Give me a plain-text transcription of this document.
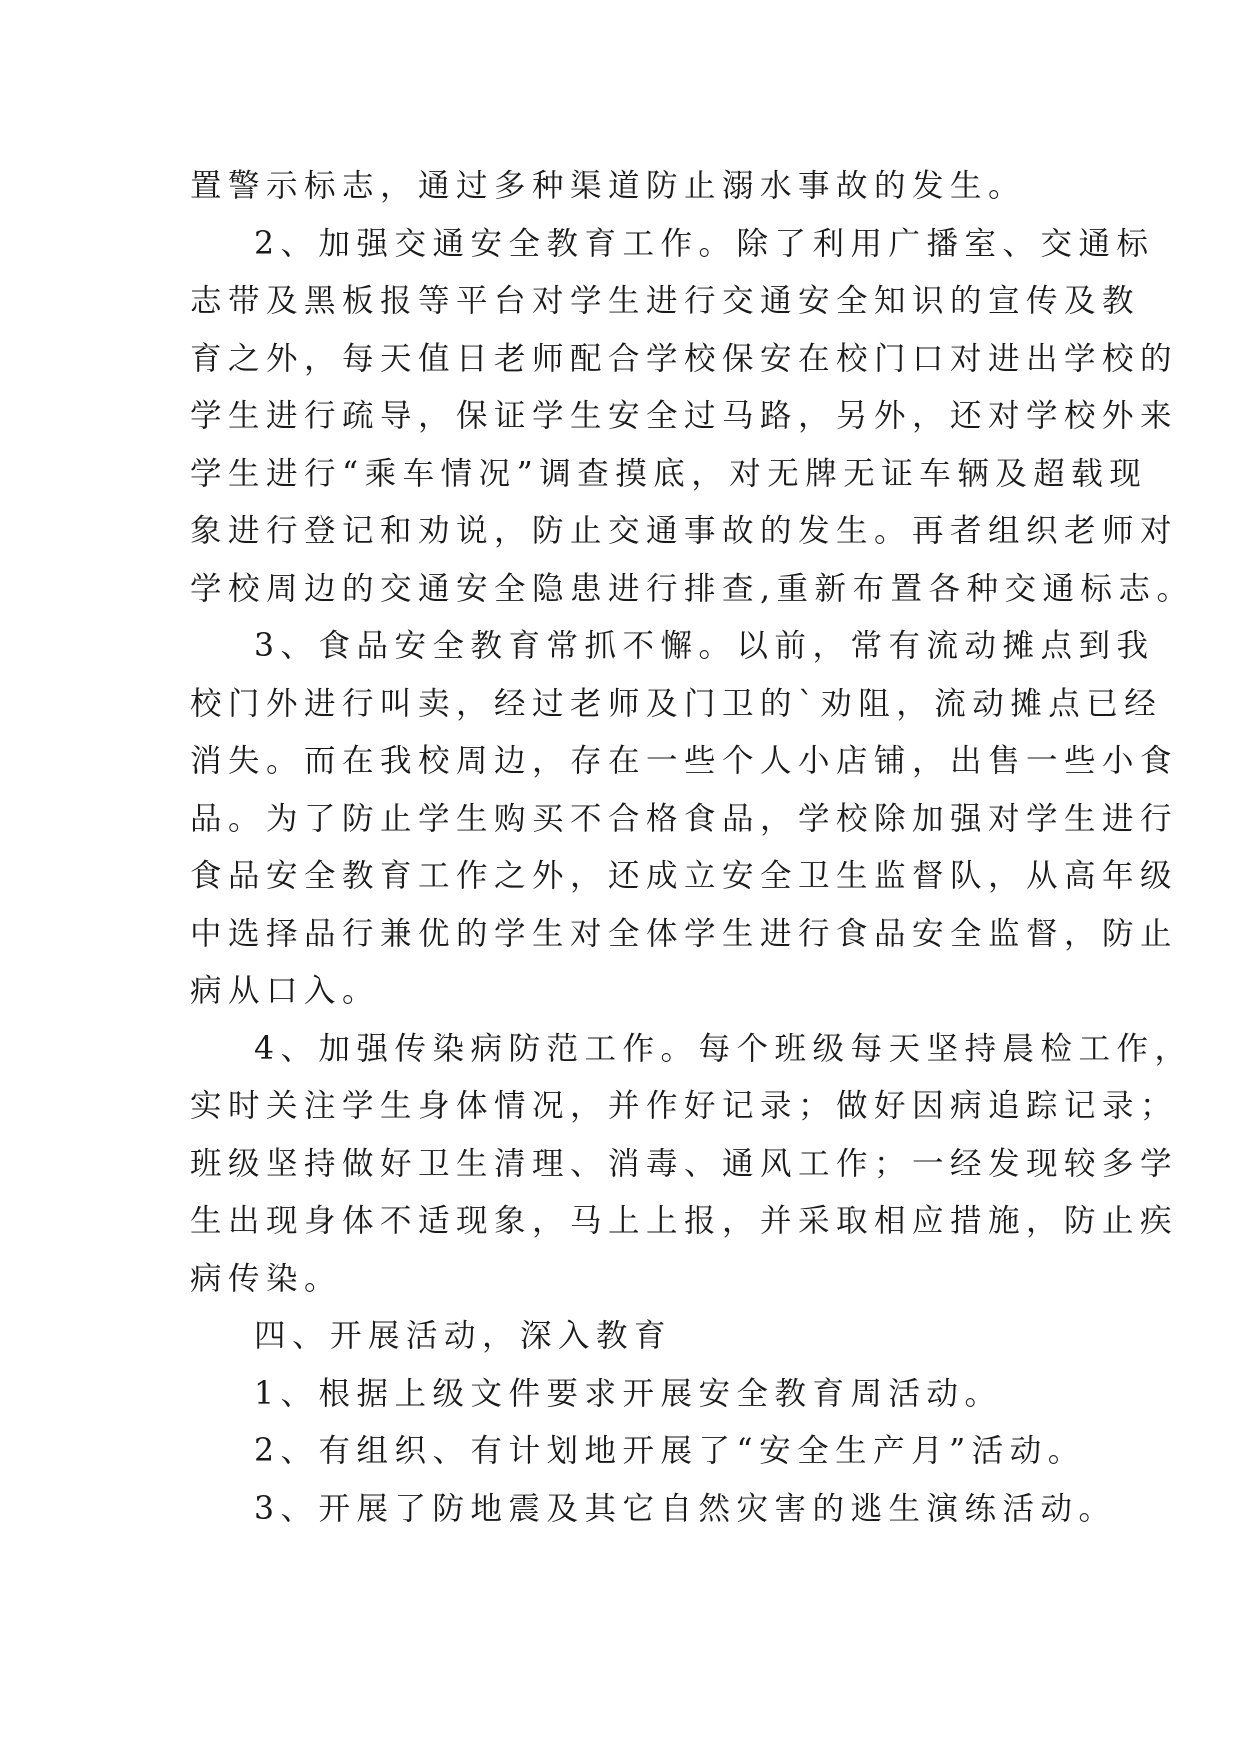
置警示标志，通过多种渠道防止溺水事故的发生。
2、加强交通安全教育工作。除了利用广播室、交通标
志带及黑板报等平台对学生进行交通安全知识的宣传及教
育之外，每天值日老师配合学校保安在校门口对进出学校的
学生进行疏导，保证学生安全过马路，另外，还对学校外来
学生进行“乘车情况”调查摸底，对无牌无证车辆及超载现
象进行登记和劝说，防止交通事故的发生。再者组织老师对
学校周边的交通安全隐患进行排查,重新布置各种交通标志。
3、食品安全教育常抓不懈。以前，常有流动摊点到我
校门外进行叫卖，经过老师及门卫的`劝阻，流动摊点已经
消失。而在我校周边，存在一些个人小店铺，出售一些小食
品。为了防止学生购买不合格食品，学校除加强对学生进行
食品安全教育工作之外，还成立安全卫生监督队，从高年级
中选择品行兼优的学生对全体学生进行食品安全监督，防止
病从口入。
4、加强传染病防范工作。每个班级每天坚持晨检工作，
实时关注学生身体情况，并作好记录；做好因病追踪记录；
班级坚持做好卫生清理、消毒、通风工作；一经发现较多学
生出现身体不适现象，马上上报，并采取相应措施，防止疾
病传染。
四、开展活动，深入教育
1、根据上级文件要求开展安全教育周活动。
2、有组织、有计划地开展了“安全生产月”活动。
3、开展了防地震及其它自然灾害的逃生演练活动。
